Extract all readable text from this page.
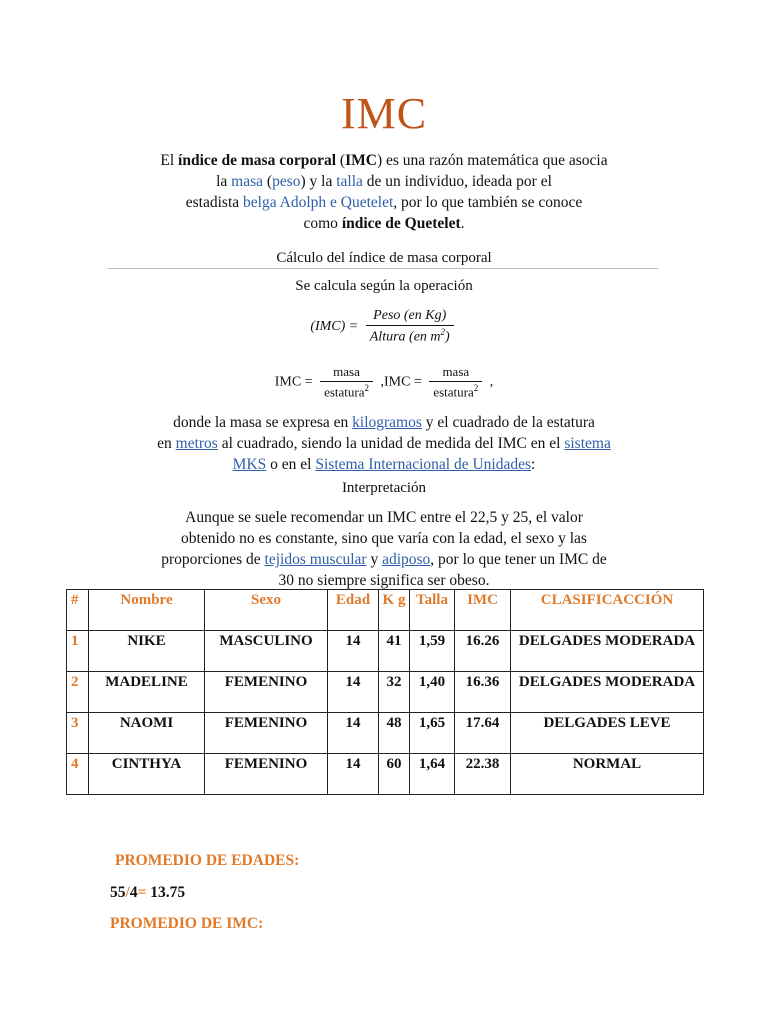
IMC
El índice de masa corporal (IMC) es una razón matemática que asocia
la masa (peso) y la talla de un individuo, ideada por el
estadista belga Adolph e Quetelet, por lo que también se conoce
como índice de Quetelet.
Cálculo del índice de masa corporal
Se calcula según la operación
$(IMC) = \frac{\text{Peso (en Kg)}}{Altura (en m^2)}$
IMC = $\frac{\text{masa}}{estatura^2} ,IMC = \frac{\text{masa}}{estatura^2}$ ,
donde la masa se expresa en kilogramos y el cuadrado de la estatura
en metros al cuadrado, siendo la unidad de medida del IMC en el sistema
MKS o en el Sistema Internacional de Unidades:
Interpretación
Aunque se suele recomendar un IMC entre el 22,5 y 25, el valor
obtenido no es constante, sino que varía con la edad, el sexo y las
proporciones de tejidos muscular y adiposo, por lo que tener un IMC de
30 no siempre significa ser obeso.
#	Nombre	Sexo	Edad	K g	Talla	IMC	CLASIFICACCIÓN
1	NIKE	MASCULINO	14	41	1,59	16.26	DELGADES MODERADA
2	MADELINE	FEMENINO	14	32	1,40	16.36	DELGADES MODERADA
3	NAOMI	FEMENINO	14	48	1,65	17.64	DELGADES LEVE
4	CINTHYA	FEMENINO	14	60	1,64	22.38	NORMAL
PROMEDIO DE EDADES:
55/4= 13.75
PROMEDIO DE IMC:
